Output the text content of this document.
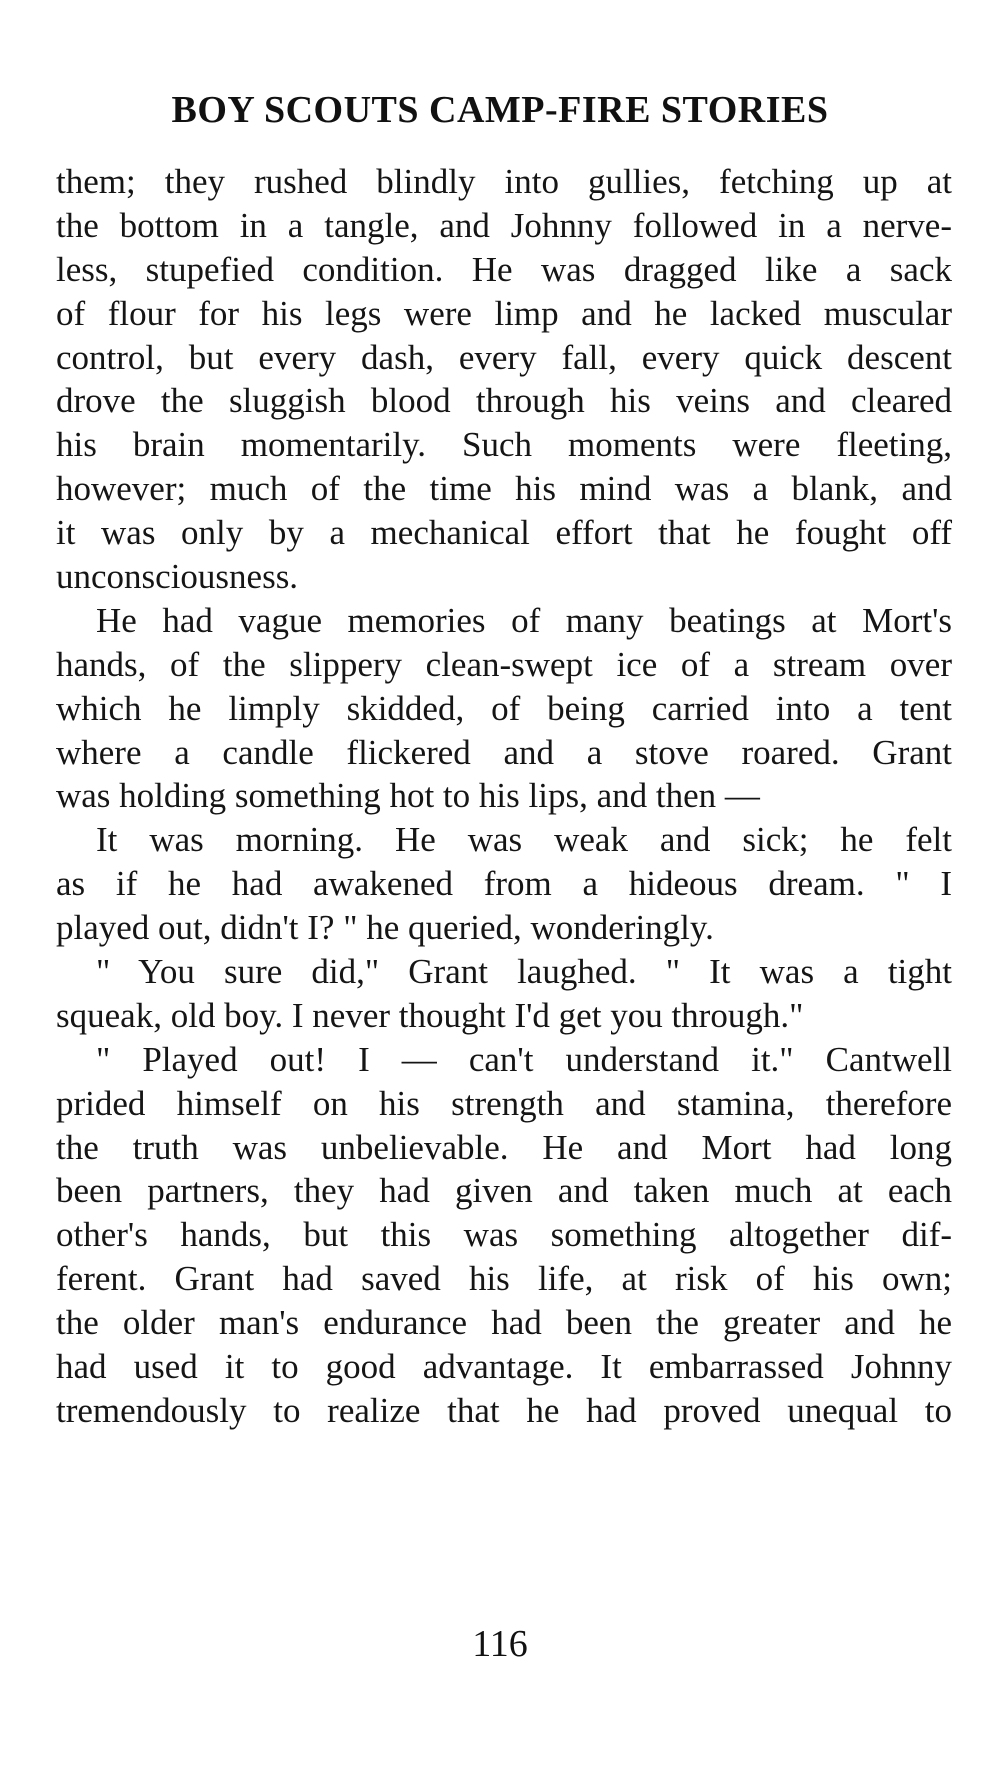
BOY SCOUTS CAMP-FIRE STORIES
them; they rushed blindly into gullies, fetching up at
the bottom in a tangle, and Johnny followed in a nerve-
less, stupefied condition. He was dragged like a sack
of flour for his legs were limp and he lacked muscular
control, but every dash, every fall, every quick descent
drove the sluggish blood through his veins and cleared
his brain momentarily. Such moments were fleeting,
however; much of the time his mind was a blank, and
it was only by a mechanical effort that he fought off
unconsciousness.
He had vague memories of many beatings at Mort's
hands, of the slippery clean-swept ice of a stream over
which he limply skidded, of being carried into a tent
where a candle flickered and a stove roared. Grant
was holding something hot to his lips, and then —
It was morning. He was weak and sick; he felt
as if he had awakened from a hideous dream. " I
played out, didn't I? " he queried, wonderingly.
" You sure did," Grant laughed. " It was a tight
squeak, old boy. I never thought I'd get you through."
" Played out! I — can't understand it." Cantwell
prided himself on his strength and stamina, therefore
the truth was unbelievable. He and Mort had long
been partners, they had given and taken much at each
other's hands, but this was something altogether dif-
ferent. Grant had saved his life, at risk of his own;
the older man's endurance had been the greater and he
had used it to good advantage. It embarrassed Johnny
tremendously to realize that he had proved unequal to
116
